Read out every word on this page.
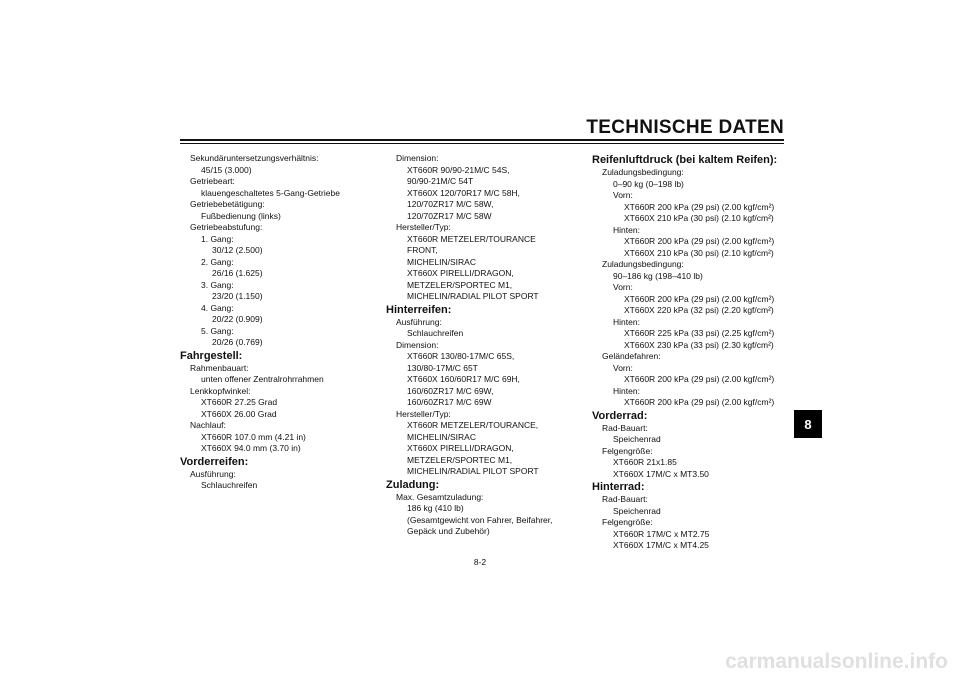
TECHNISCHE DATEN
8
Sekundäruntersetzungsverhältnis:
45/15 (3.000)
Getriebeart:
klauengeschaltetes 5-Gang-Getriebe
Getriebebetätigung:
Fußbedienung (links)
Getriebeabstufung:
1. Gang:
30/12 (2.500)
2. Gang:
26/16 (1.625)
3. Gang:
23/20 (1.150)
4. Gang:
20/22 (0.909)
5. Gang:
20/26 (0.769)
Fahrgestell:
Rahmenbauart:
unten offener Zentralrohrrahmen
Lenkkopfwinkel:
XT660R 27.25 Grad
XT660X 26.00 Grad
Nachlauf:
XT660R 107.0 mm (4.21 in)
XT660X 94.0 mm (3.70 in)
Vorderreifen:
Ausführung:
Schlauchreifen
Dimension:
XT660R 90/90-21M/C 54S,
90/90-21M/C 54T
XT660X 120/70R17 M/C 58H,
120/70ZR17 M/C 58W,
120/70ZR17 M/C 58W
Hersteller/Typ:
XT660R METZELER/TOURANCE
FRONT,
MICHELIN/SIRAC
XT660X PIRELLI/DRAGON,
METZELER/SPORTEC M1,
MICHELIN/RADIAL PILOT SPORT
Hinterreifen:
Ausführung:
Schlauchreifen
Dimension:
XT660R 130/80-17M/C 65S,
130/80-17M/C 65T
XT660X 160/60R17 M/C 69H,
160/60ZR17 M/C 69W,
160/60ZR17 M/C 69W
Hersteller/Typ:
XT660R METZELER/TOURANCE,
MICHELIN/SIRAC
XT660X PIRELLI/DRAGON,
METZELER/SPORTEC M1,
MICHELIN/RADIAL PILOT SPORT
Zuladung:
Max. Gesamtzuladung:
186 kg (410 lb)
(Gesamtgewicht von Fahrer, Beifahrer,
Gepäck und Zubehör)
Reifenluftdruck (bei kaltem Reifen):
Zuladungsbedingung:
0–90 kg (0–198 lb)
Vorn:
XT660R 200 kPa (29 psi) (2.00 kgf/cm²)
XT660X 210 kPa (30 psi) (2.10 kgf/cm²)
Hinten:
XT660R 200 kPa (29 psi) (2.00 kgf/cm²)
XT660X 210 kPa (30 psi) (2.10 kgf/cm²)
Zuladungsbedingung:
90–186 kg (198–410 lb)
Vorn:
XT660R 200 kPa (29 psi) (2.00 kgf/cm²)
XT660X 220 kPa (32 psi) (2.20 kgf/cm²)
Hinten:
XT660R 225 kPa (33 psi) (2.25 kgf/cm²)
XT660X 230 kPa (33 psi) (2.30 kgf/cm²)
Geländefahren:
Vorn:
XT660R 200 kPa (29 psi) (2.00 kgf/cm²)
Hinten:
XT660R 200 kPa (29 psi) (2.00 kgf/cm²)
Vorderrad:
Rad-Bauart:
Speichenrad
Felgengröße:
XT660R 21x1.85
XT660X 17M/C x MT3.50
Hinterrad:
Rad-Bauart:
Speichenrad
Felgengröße:
XT660R 17M/C x MT2.75
XT660X 17M/C x MT4.25
8-2
carmanualsonline.info
